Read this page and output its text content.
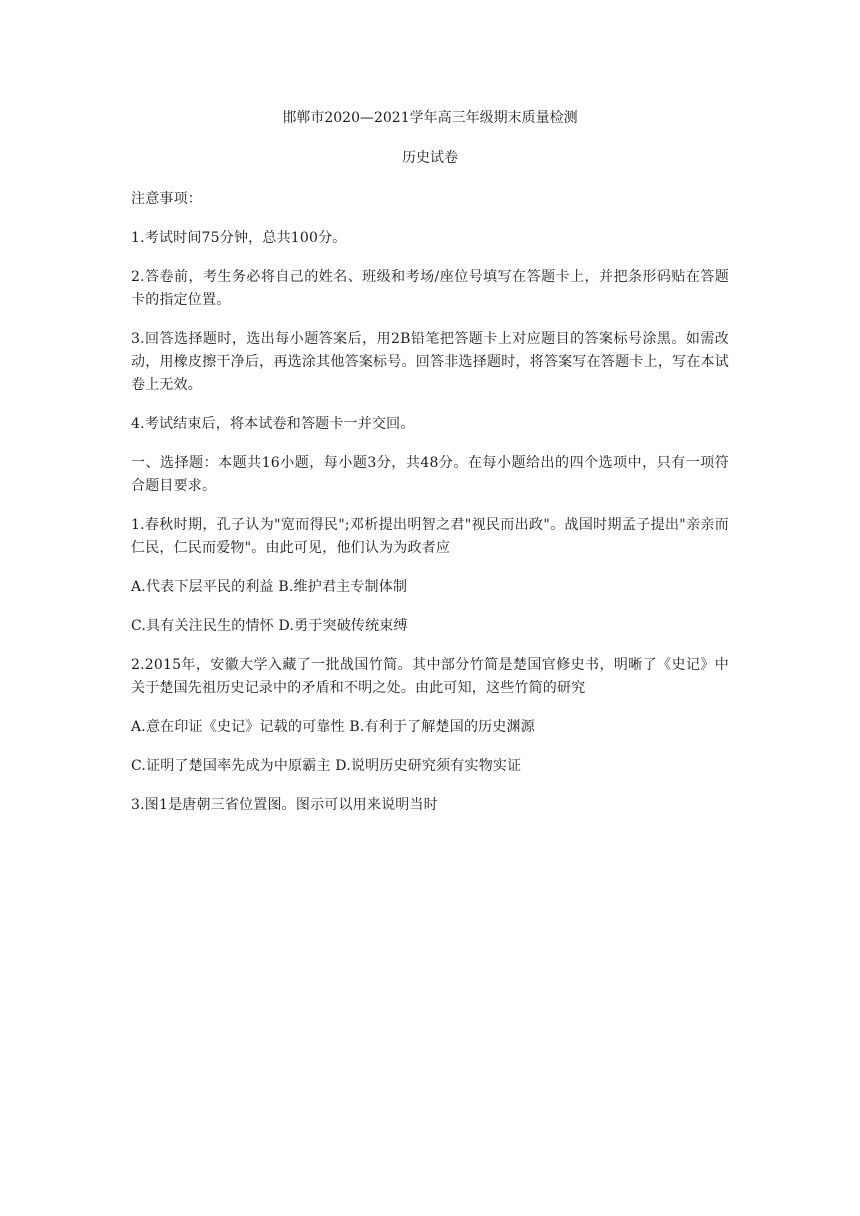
邯郸市2020—2021学年高三年级期末质量检测

历史试卷

注意事项：

1.考试时间75分钟，总共100分。

2.答卷前，考生务必将自己的姓名、班级和考场/座位号填写在答题卡上，并把条形码贴在答题卡的指定位置。

3.回答选择题时，选出每小题答案后，用2B铅笔把答题卡上对应题目的答案标号涂黑。如需改动，用橡皮擦干净后，再选涂其他答案标号。回答非选择题时，将答案写在答题卡上，写在本试卷上无效。

4.考试结束后，将本试卷和答题卡一并交回。

一、选择题：本题共16小题，每小题3分，共48分。在每小题给出的四个选项中，只有一项符合题目要求。

1.春秋时期，孔子认为"宽而得民";邓析提出明智之君"视民而出政"。战国时期孟子提出"亲亲而仁民，仁民而爱物"。由此可见，他们认为为政者应

A.代表下层平民的利益 B.维护君主专制体制

C.具有关注民生的情怀 D.勇于突破传统束缚

2.2015年，安徽大学入藏了一批战国竹简。其中部分竹简是楚国官修史书，明晰了《史记》中关于楚国先祖历史记录中的矛盾和不明之处。由此可知，这些竹简的研究

A.意在印证《史记》记载的可靠性 B.有利于了解楚国的历史渊源

C.证明了楚国率先成为中原霸主 D.说明历史研究须有实物实证

3.图1是唐朝三省位置图。图示可以用来说明当时
